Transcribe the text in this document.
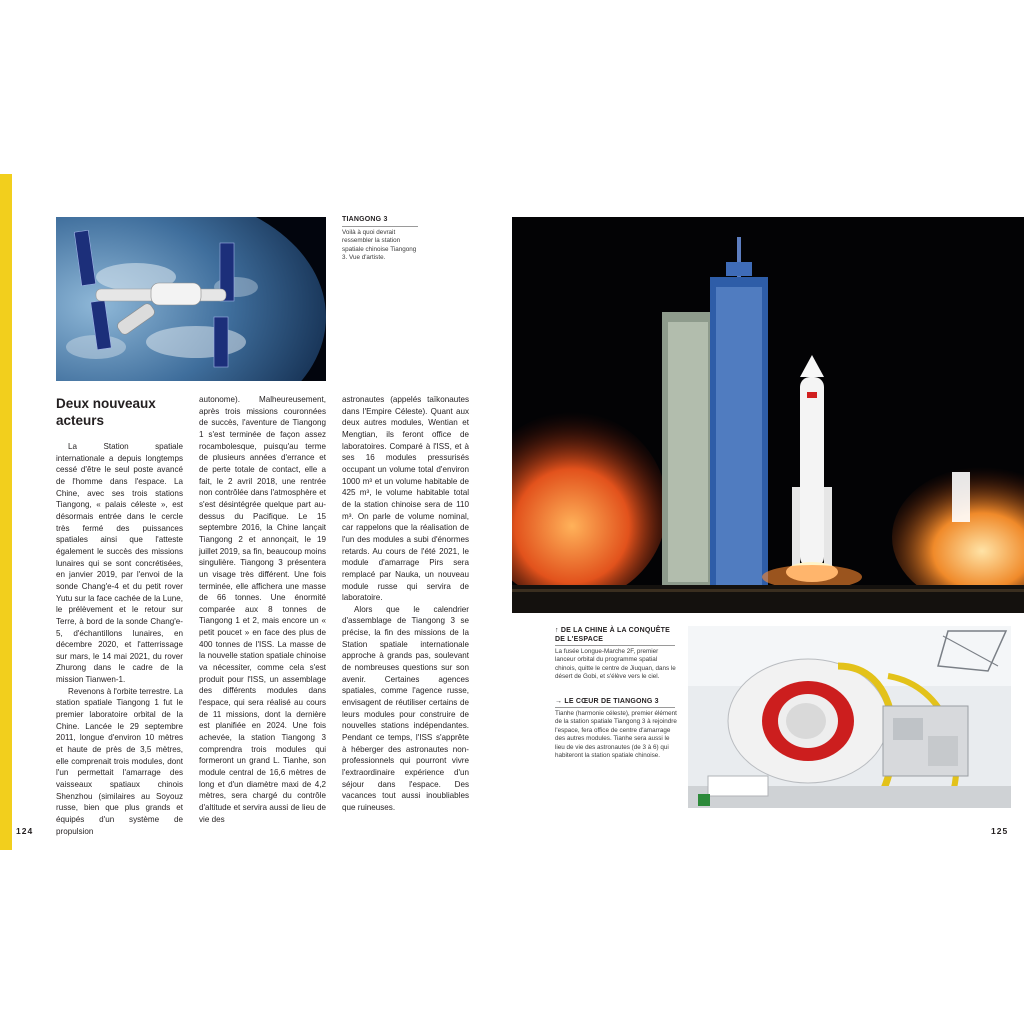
TIANGONG 3
Voilà à quoi devrait ressembler la station spatiale chinoise Tiangong 3. Vue d'artiste.
Deux nouveaux acteurs

La Station spatiale internationale a depuis longtemps cessé d'être le seul poste avancé de l'homme dans l'espace. La Chine, avec ses trois stations Tiangong, « palais céleste », est désormais entrée dans le cercle très fermé des puissances spatiales ainsi que l'atteste également le succès des missions lunaires qui se sont concrétisées, en janvier 2019, par l'envoi de la sonde Chang'e-4 et du petit rover Yutu sur la face cachée de la Lune, le prélèvement et le retour sur Terre, à bord de la sonde Chang'e-5, d'échantillons lunaires, en décembre 2020, et l'atterrissage sur mars, le 14 mai 2021, du rover Zhurong dans le cadre de la mission Tianwen-1.

Revenons à l'orbite terrestre. La station spatiale Tiangong 1 fut le premier laboratoire orbital de la Chine. Lancée le 29 septembre 2011, longue d'environ 10 mètres et haute de près de 3,5 mètres, elle comprenait trois modules, dont l'un permettait l'amarrage des vaisseaux spatiaux chinois Shenzhou (similaires au Soyouz russe, bien que plus grands et équipés d'un système de propulsion

autonome). Malheureusement, après trois missions couronnées de succès, l'aventure de Tiangong 1 s'est terminée de façon assez rocambolesque, puisqu'au terme de plusieurs années d'errance et de perte totale de contact, elle a fait, le 2 avril 2018, une rentrée non contrôlée dans l'atmosphère et s'est désintégrée quelque part au-dessus du Pacifique. Le 15 septembre 2016, la Chine lançait Tiangong 2 et annonçait, le 19 juillet 2019, sa fin, beaucoup moins singulière. Tiangong 3 présentera un visage très différent. Une fois terminée, elle affichera une masse de 66 tonnes. Une énormité comparée aux 8 tonnes de Tiangong 1 et 2, mais encore un « petit poucet » en face des plus de 400 tonnes de l'ISS. La masse de la nouvelle station spatiale chinoise va nécessiter, comme cela s'est produit pour l'ISS, un assemblage des différents modules dans l'espace, qui sera réalisé au cours de 11 missions, dont la dernière est planifiée en 2024. Une fois achevée, la station Tiangong 3 comprendra trois modules qui formeront un grand L. Tianhe, son module central de 16,6 mètres de long et d'un diamètre maxi de 4,2 mètres, sera chargé du contrôle d'altitude et servira aussi de lieu de vie des

astronautes (appelés taïkonautes dans l'Empire Céleste). Quant aux deux autres modules, Wentian et Mengtian, ils feront office de laboratoires. Comparé à l'ISS, et à ses 16 modules pressurisés occupant un volume total d'environ 1000 m³ et un volume habitable de 425 m³, le volume habitable total de la station chinoise sera de 110 m³. On parle de volume nominal, car rappelons que la réalisation de l'un des modules a subi d'énormes retards. Au cours de l'été 2021, le module d'amarrage Pirs sera remplacé par Nauka, un nouveau module russe qui servira de laboratoire.

Alors que le calendrier d'assemblage de Tiangong 3 se précise, la fin des missions de la Station spatiale internationale approche à grands pas, soulevant de nombreuses questions sur son avenir. Certaines agences spatiales, comme l'agence russe, envisagent de réutiliser certains de leurs modules pour construire de nouvelles stations indépendantes. Pendant ce temps, l'ISS s'apprête à héberger des astronautes non-professionnels qui pourront vivre l'extraordinaire expérience d'un séjour dans l'espace. Des vacances tout aussi inoubliables que ruineuses.

↑ DE LA CHINE À LA CONQUÊTE DE L'ESPACE
La fusée Longue-Marche 2F, premier lanceur orbital du programme spatial chinois, quitte le centre de Jiuquan, dans le désert de Gobi, et s'élève vers le ciel.
→ LE CŒUR DE TIANGONG 3
Tianhe (harmonie céleste), premier élément de la station spatiale Tiangong 3 à rejoindre l'espace, fera office de centre d'amarrage des autres modules. Tianhe sera aussi le lieu de vie des astronautes (de 3 à 6) qui habiteront la station spatiale chinoise.
124	125
